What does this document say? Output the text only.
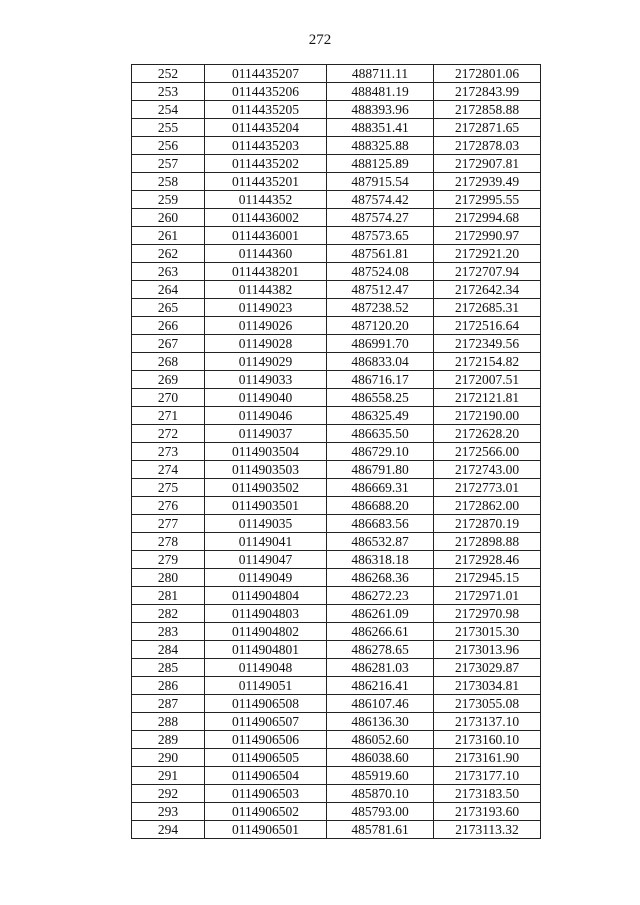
272
252	0114435207	488711.11	2172801.06
253	0114435206	488481.19	2172843.99
254	0114435205	488393.96	2172858.88
255	0114435204	488351.41	2172871.65
256	0114435203	488325.88	2172878.03
257	0114435202	488125.89	2172907.81
258	0114435201	487915.54	2172939.49
259	01144352	487574.42	2172995.55
260	0114436002	487574.27	2172994.68
261	0114436001	487573.65	2172990.97
262	01144360	487561.81	2172921.20
263	0114438201	487524.08	2172707.94
264	01144382	487512.47	2172642.34
265	01149023	487238.52	2172685.31
266	01149026	487120.20	2172516.64
267	01149028	486991.70	2172349.56
268	01149029	486833.04	2172154.82
269	01149033	486716.17	2172007.51
270	01149040	486558.25	2172121.81
271	01149046	486325.49	2172190.00
272	01149037	486635.50	2172628.20
273	0114903504	486729.10	2172566.00
274	0114903503	486791.80	2172743.00
275	0114903502	486669.31	2172773.01
276	0114903501	486688.20	2172862.00
277	01149035	486683.56	2172870.19
278	01149041	486532.87	2172898.88
279	01149047	486318.18	2172928.46
280	01149049	486268.36	2172945.15
281	0114904804	486272.23	2172971.01
282	0114904803	486261.09	2172970.98
283	0114904802	486266.61	2173015.30
284	0114904801	486278.65	2173013.96
285	01149048	486281.03	2173029.87
286	01149051	486216.41	2173034.81
287	0114906508	486107.46	2173055.08
288	0114906507	486136.30	2173137.10
289	0114906506	486052.60	2173160.10
290	0114906505	486038.60	2173161.90
291	0114906504	485919.60	2173177.10
292	0114906503	485870.10	2173183.50
293	0114906502	485793.00	2173193.60
294	0114906501	485781.61	2173113.32
